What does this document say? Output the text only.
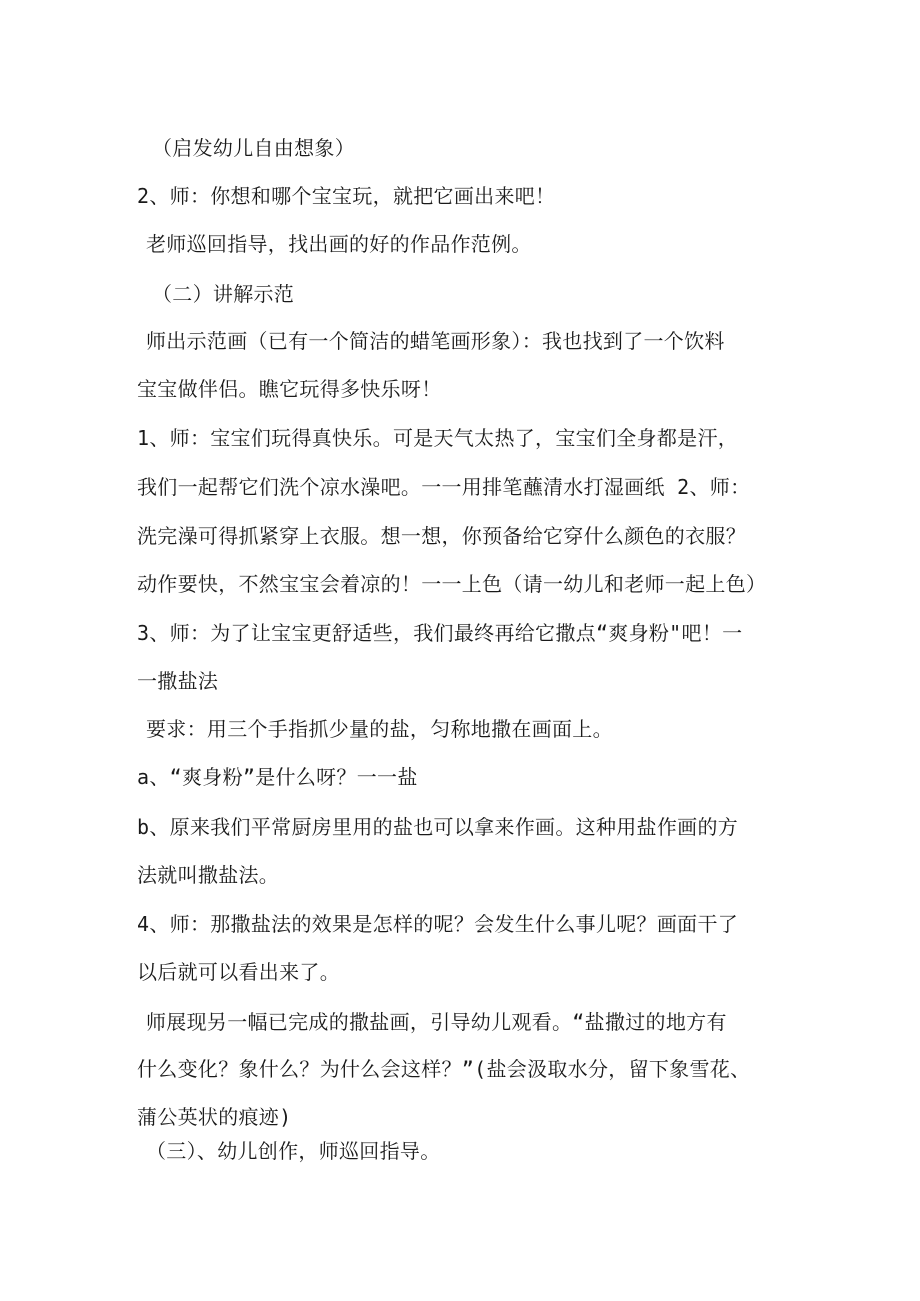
（启发幼儿自由想象）
2、师：你想和哪个宝宝玩，就把它画出来吧！
老师巡回指导，找出画的好的作品作范例。
（二）讲解示范
师出示范画（已有一个简洁的蜡笔画形象）：我也找到了一个饮料
宝宝做伴侣。瞧它玩得多快乐呀！
1、师：宝宝们玩得真快乐。可是天气太热了，宝宝们全身都是汗，
我们一起帮它们洗个凉水澡吧。一一用排笔蘸清水打湿画纸 2、师：
洗完澡可得抓紧穿上衣服。想一想，你预备给它穿什么颜色的衣服？
动作要快，不然宝宝会着凉的！一一上色（请一幼儿和老师一起上色）
3、师：为了让宝宝更舒适些，我们最终再给它撒点“爽身粉"吧！一
一撒盐法
要求：用三个手指抓少量的盐，匀称地撒在画面上。
a、“爽身粉”是什么呀？一一盐
b、原来我们平常厨房里用的盐也可以拿来作画。这种用盐作画的方
法就叫撒盐法。
4、师：那撒盐法的效果是怎样的呢？会发生什么事儿呢？画面干了
以后就可以看出来了。
师展现另一幅已完成的撒盐画，引导幼儿观看。“盐撒过的地方有
什么变化？象什么？为什么会这样？”(盐会汲取水分，留下象雪花、
蒲公英状的痕迹)
（三）、幼儿创作，师巡回指导。
